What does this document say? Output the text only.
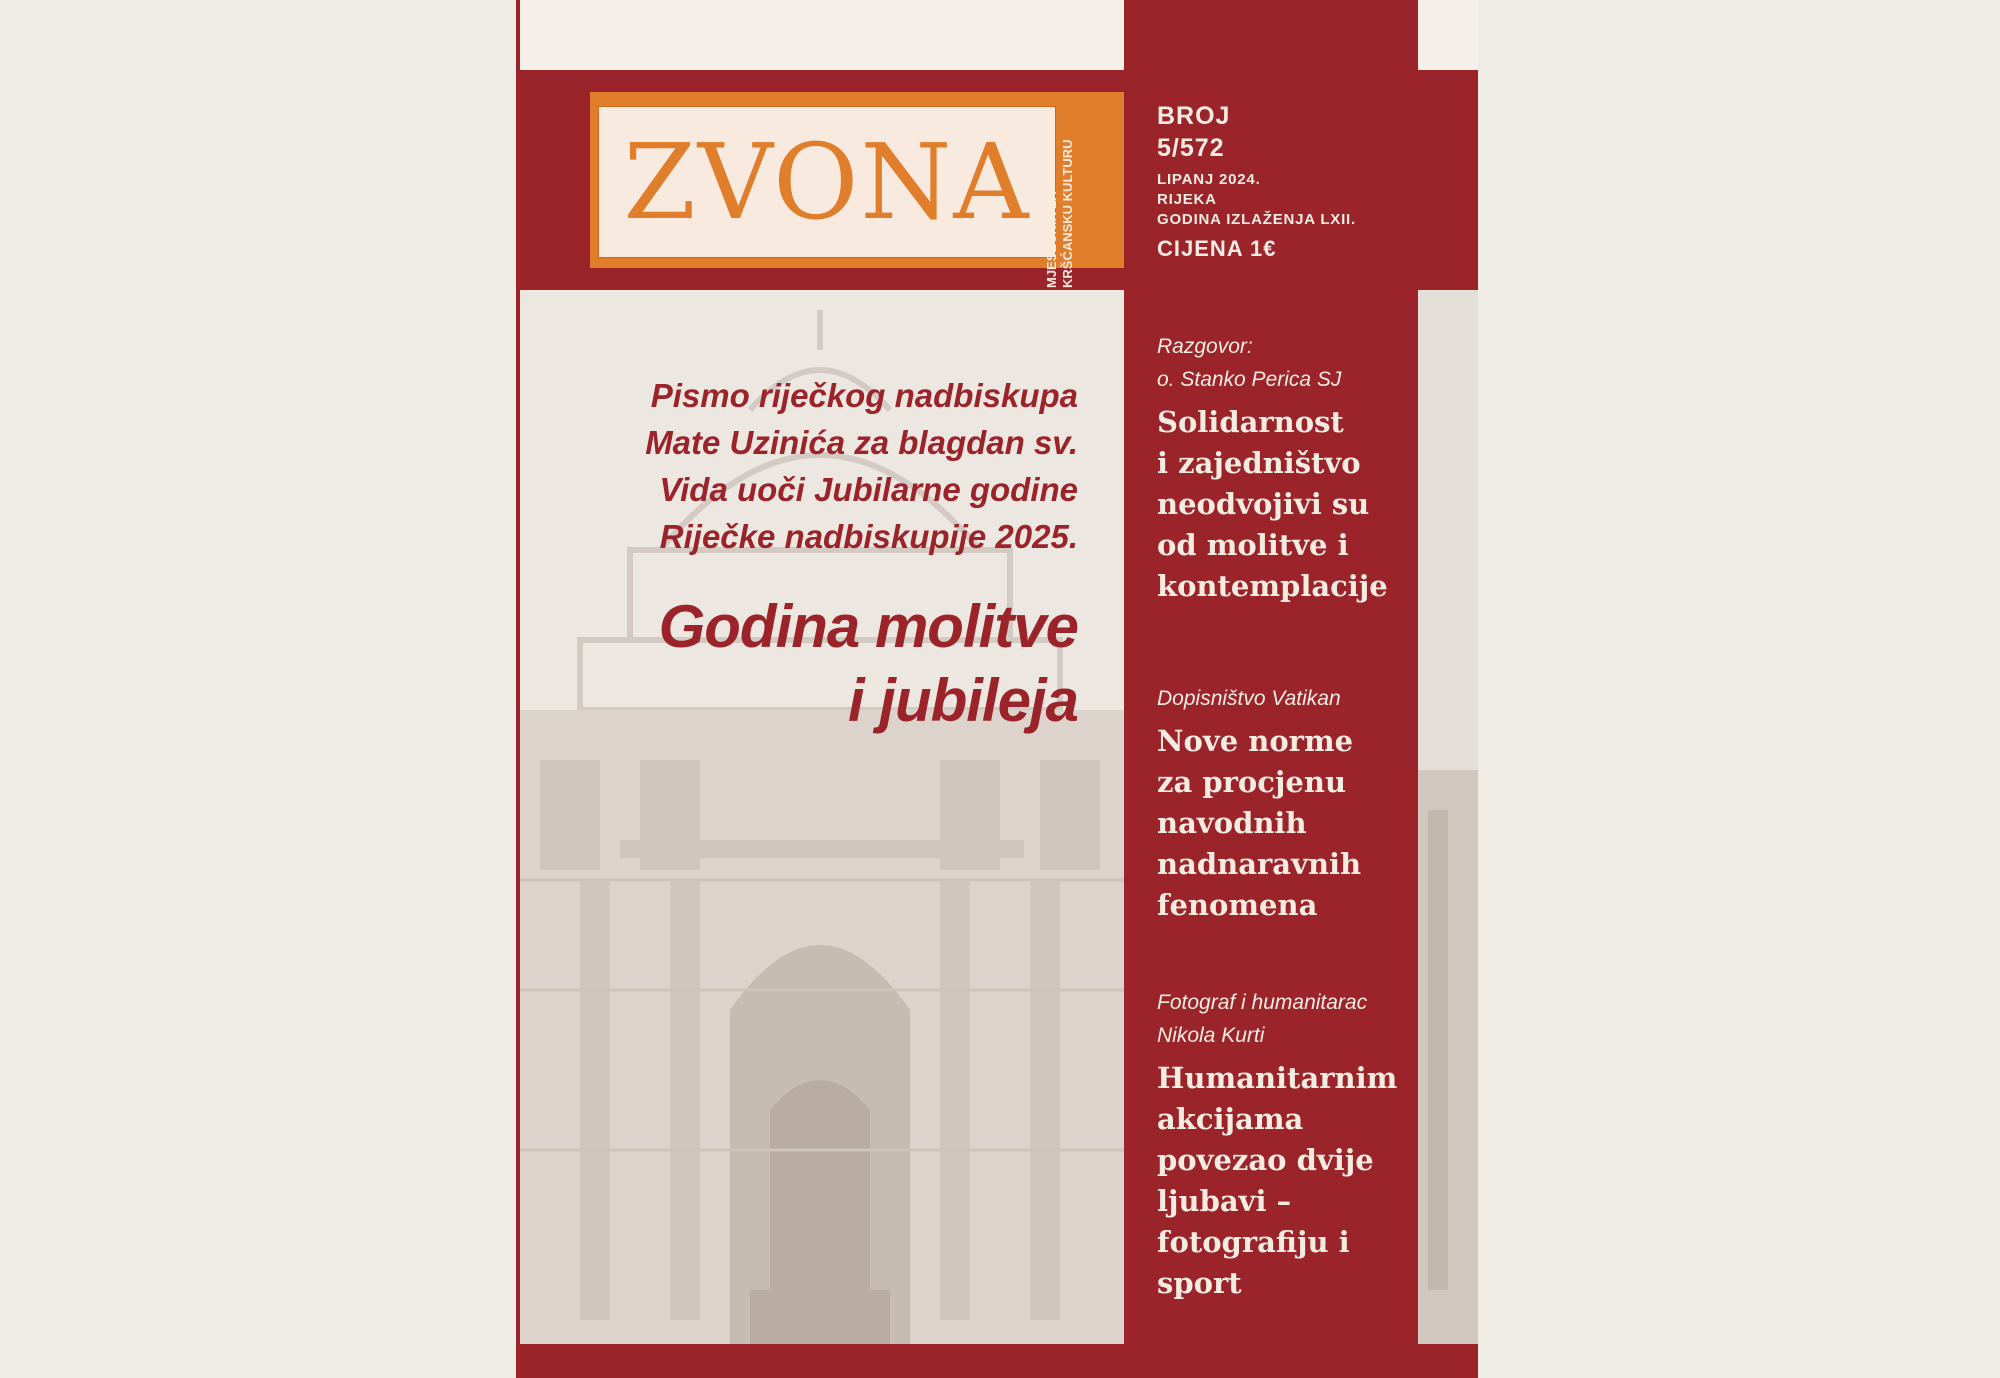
ZVONA	MJESEČNIK ZA KRŠĆANSKU KULTURU
BROJ
5/572
LIPANJ 2024.
RIJEKA
GODINA IZLAŽENJA LXII.
CIJENA 1€
Pismo riječkog nadbiskupa
Mate Uzinića za blagdan sv.
Vida uoči Jubilarne godine
Riječke nadbiskupije 2025.
Godina molitve
i jubileja
Razgovor:
o. Stanko Perica SJ
Solidarnost
i zajedništvo
neodvojivi su
od molitve i
kontemplacije
Dopisništvo Vatikan
Nove norme
za procjenu
navodnih
nadnaravnih
fenomena
Fotograf i humanitarac
Nikola Kurti
Humanitarnim
akcijama
povezao dvije
ljubavi –
fotografiju i
sport
